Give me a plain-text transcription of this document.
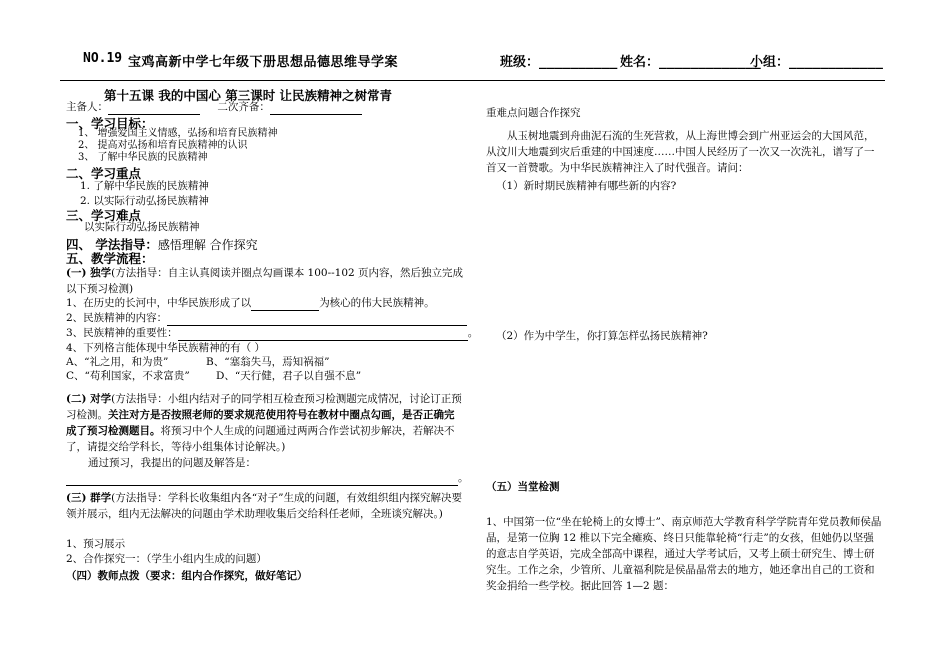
NO.19 宝鸡高新中学七年级下册思想品德思维导学案	班级：__________ 姓名：_____________
小组：____________
第十五课 我的中国心 第三课时 让民族精神之树常青
主备人：	二次齐备：
一、学习目标：
1、 增强爱国主义情感，弘扬和培育民族精神
2、 提高对弘扬和培育民族精神的认识
3、 了解中华民族的民族精神
二、学习重点
1. 了解中华民族的民族精神
2. 以实际行动弘扬民族精神
三、学习难点
以实际行动弘扬民族精神
四、 学法指导：感悟理解 合作探究
五、教学流程：
(一) 独学(方法指导：自主认真阅读并圈点勾画课本 100--102 页内容，然后独立完成以下预习检测)
1、在历史的长河中，中华民族形成了以	为核心的伟大民族精神。
2、民族精神的内容：
3、民族精神的重要性：	。
4、下列格言能体现中华民族精神的有（ ）
A、“礼之用，和为贵”	B、“塞翁失马，焉知祸福”
C、“苟利国家，不求富贵” D、“天行健，君子以自强不息”
(二) 对学(方法指导：小组内结对子的同学相互检查预习检测题完成情况，讨论订正预习检测。关注对方是否按照老师的要求规范使用符号在教材中圈点勾画，是否正确完成了预习检测题目。将预习中个人生成的问题通过两两合作尝试初步解决，若解决不了，请提交给学科长，等待小组集体讨论解决。)
通过预习，我提出的问题及解答是：
。
(三) 群学(方法指导：学科长收集组内各“对子”生成的问题，有效组织组内探究解决要领并展示，组内无法解决的问题由学术助理收集后交给科任老师，全班谈究解决。)
1、预习展示
2、合作探究一：（学生小组内生成的问题）
（四）教师点拨（要求：组内合作探究，做好笔记）
重难点问题合作探究
从玉树地震到舟曲泥石流的生死营救，从上海世博会到广州亚运会的大国风范，从汶川大地震到灾后重建的中国速度……中国人民经历了一次又一次洗礼，谱写了一首又一首赞歌。为中华民族精神注入了时代强音。请问：
（1）新时期民族精神有哪些新的内容?
（2）作为中学生，你打算怎样弘扬民族精神?
（五）当堂检测
1、中国第一位“坐在轮椅上的女博士”、南京师范大学教育科学学院青年党员教师侯晶晶，是第一位胸 12 椎以下完全瘫痪、终日只能靠轮椅“行走”的女孩，但她仍以坚强的意志自学英语，完成全部高中课程，通过大学考试后，又考上硕士研究生、博士研究生。工作之余，少管所、儿童福利院是侯晶晶常去的地方，她还拿出自己的工资和奖金捐给一些学校。据此回答 1—2 题：
